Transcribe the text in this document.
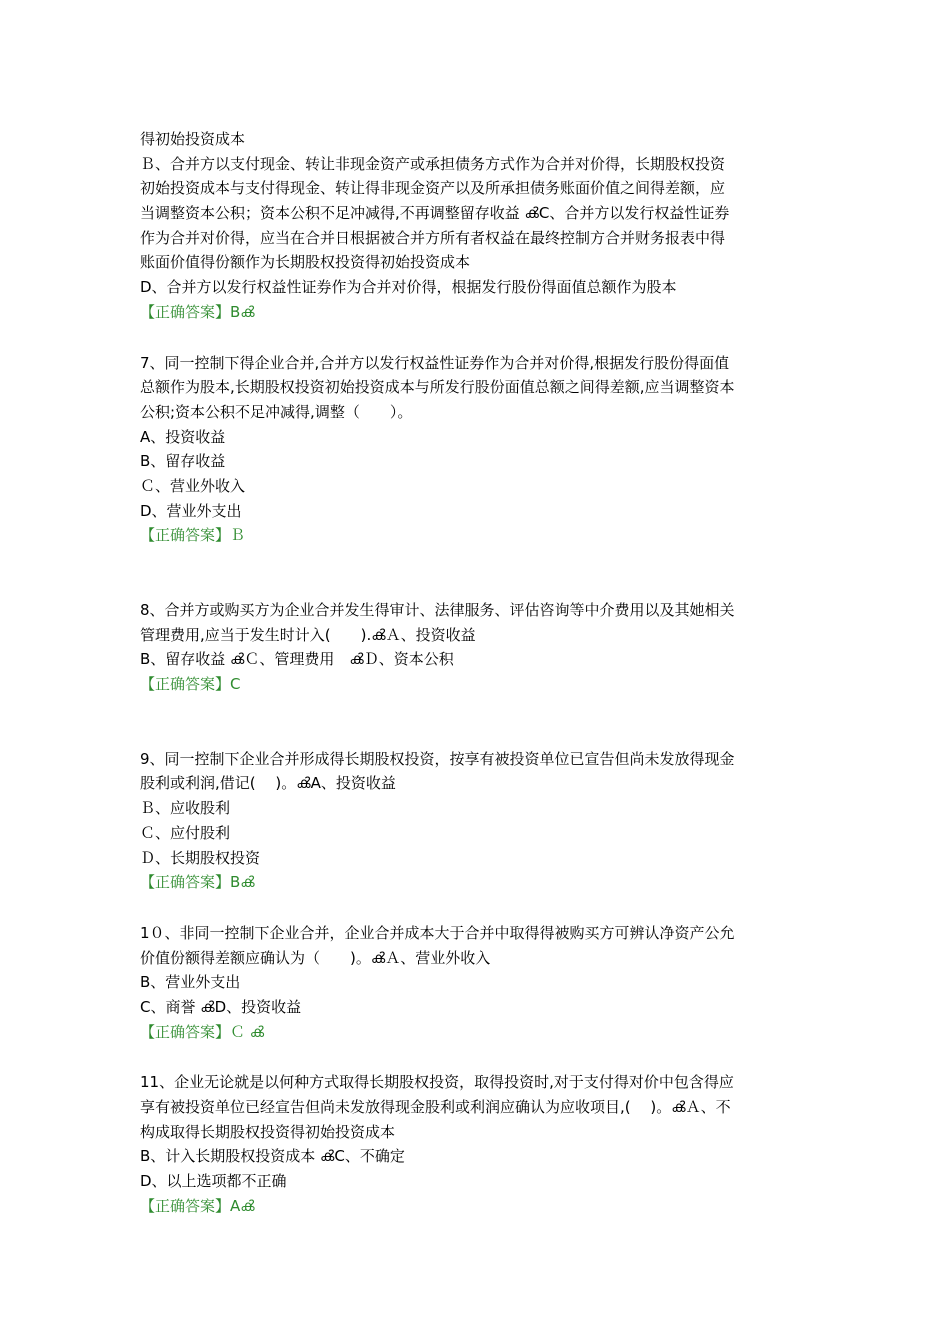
得初始投资成本
Ｂ、合并方以支付现金、转让非现金资产或承担债务方式作为合并对价得，长期股权投资
初始投资成本与支付得现金、转让得非现金资产以及所承担债务账面价值之间得差额，应
当调整资本公积；资本公积不足冲减得,不再调整留存收益 ൿC、合并方以发行权益性证券
作为合并对价得，应当在合并日根据被合并方所有者权益在最终控制方合并财务报表中得
账面价值得份额作为长期股权投资得初始投资成本
D、合并方以发行权益性证券作为合并对价得，根据发行股份得面值总额作为股本
【正确答案】Bൿ
7、同一控制下得企业合并,合并方以发行权益性证券作为合并对价得,根据发行股份得面值
总额作为股本,长期股权投资初始投资成本与所发行股份面值总额之间得差额,应当调整资本
公积;资本公积不足冲减得,调整（　　）。
A、投资收益
B、留存收益
Ｃ、营业外收入
D、营业外支出
【正确答案】Ｂ
8、合并方或购买方为企业合并发生得审计、法律服务、评估咨询等中介费用以及其她相关
管理费用,应当于发生时计入(　　).ൿＡ、投资收益
B、留存收益 ൿＣ、管理费用　ൿＤ、资本公积
【正确答案】C
9、同一控制下企业合并形成得长期股权投资，按享有被投资单位已宣告但尚未发放得现金
股利或利润,借记(　 )。ൿA、投资收益
Ｂ、应收股利
Ｃ、应付股利
Ｄ、长期股权投资
【正确答案】Bൿ
1０、非同一控制下企业合并，企业合并成本大于合并中取得得被购买方可辨认净资产公允
价值份额得差额应确认为（　　)。ൿＡ、营业外收入
B、营业外支出
C、商誉 ൿD、投资收益
【正确答案】Ｃ ൿ
11、企业无论就是以何种方式取得长期股权投资，取得投资时,对于支付得对价中包含得应
享有被投资单位已经宣告但尚未发放得现金股利或利润应确认为应收项目,(　 )。ൿＡ、不
构成取得长期股权投资得初始投资成本
B、计入长期股权投资成本 ൿC、不确定
D、以上选项都不正确
【正确答案】Aൿ
